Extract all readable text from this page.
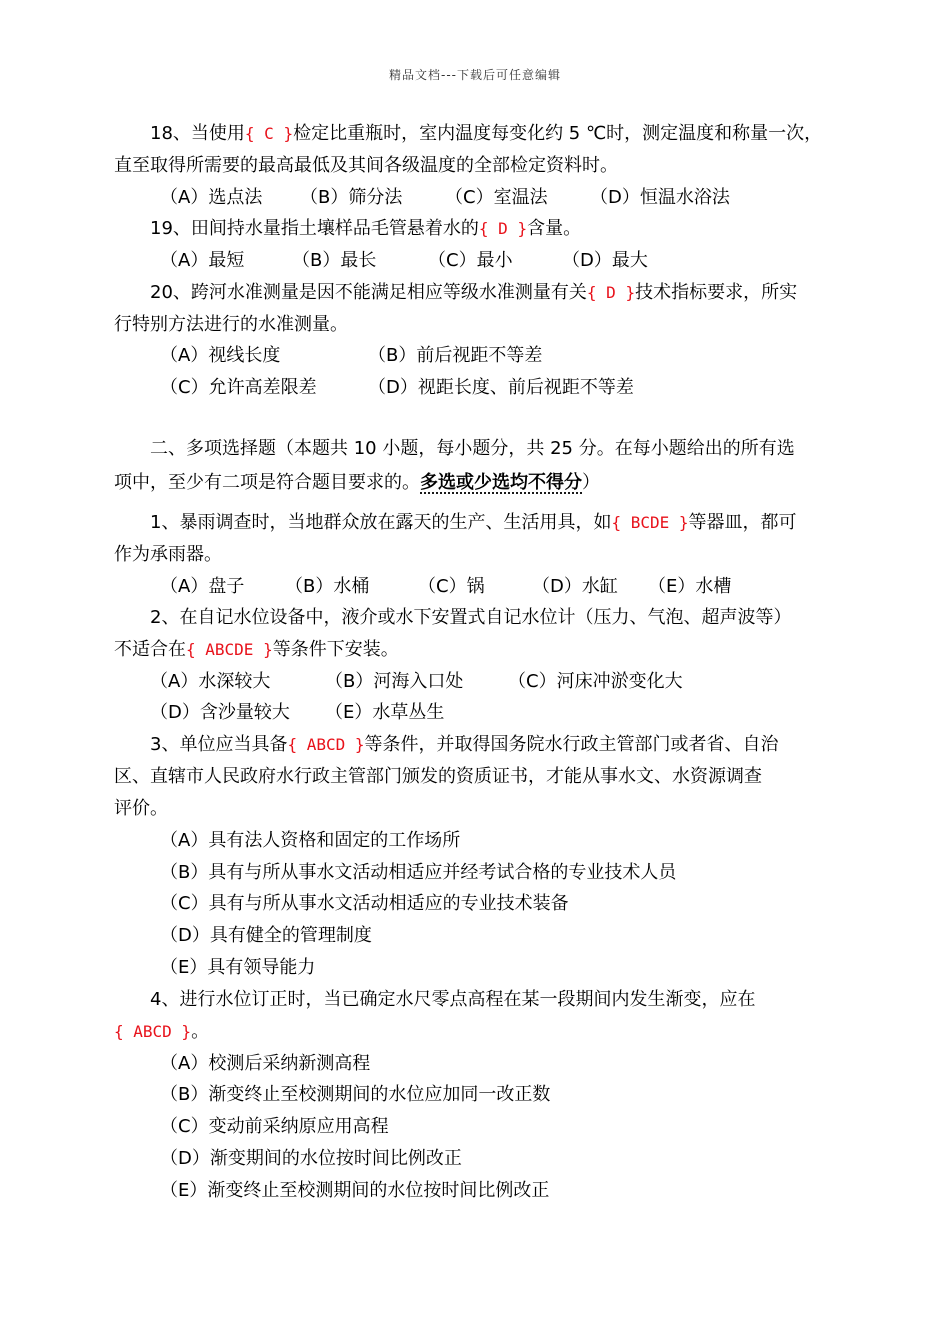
精品文档---下载后可任意编辑
18、当使用{ C }检定比重瓶时，室内温度每变化约 5 ℃时，测定温度和称量一次，
直至取得所需要的最高最低及其间各级温度的全部检定资料时。
（A）选点法 （B）筛分法 （C）室温法 （D）恒温水浴法
19、田间持水量指土壤样品毛管悬着水的{ D }含量。
（A）最短	（B）最长	（C）最小	（D）最大
20、跨河水准测量是因不能满足相应等级水准测量有关{ D }技术指标要求，所实
行特别方法进行的水准测量。
（A）视线长度	（B）前后视距不等差
（C）允许高差限差	（D）视距长度、前后视距不等差
二、多项选择题（本题共 10 小题，每小题分，共 25 分。在每小题给出的所有选
项中，至少有二项是符合题目要求的。多选或少选均不得分）
1、暴雨调查时，当地群众放在露天的生产、生活用具，如{ BCDE }等器皿，都可
作为承雨器。
（A）盘子 （B）水桶	（C）锅	（D）水缸 （E）水槽
2、在自记水位设备中，液介或水下安置式自记水位计（压力、气泡、超声波等）
不适合在{ ABCDE }等条件下安装。
（A）水深较大	（B）河海入口处 （C）河床冲淤变化大
（D）含沙量较大 （E）水草丛生
3、单位应当具备{ ABCD }等条件，并取得国务院水行政主管部门或者省、自治
区、直辖市人民政府水行政主管部门颁发的资质证书，才能从事水文、水资源调查
评价。
（A）具有法人资格和固定的工作场所
（B）具有与所从事水文活动相适应并经考试合格的专业技术人员
（C）具有与所从事水文活动相适应的专业技术装备
（D）具有健全的管理制度
（E）具有领导能力
4、进行水位订正时，当已确定水尺零点高程在某一段期间内发生渐变，应在
{ ABCD }。
（A）校测后采纳新测高程
（B）渐变终止至校测期间的水位应加同一改正数
（C）变动前采纳原应用高程
（D）渐变期间的水位按时间比例改正
（E）渐变终止至校测期间的水位按时间比例改正
